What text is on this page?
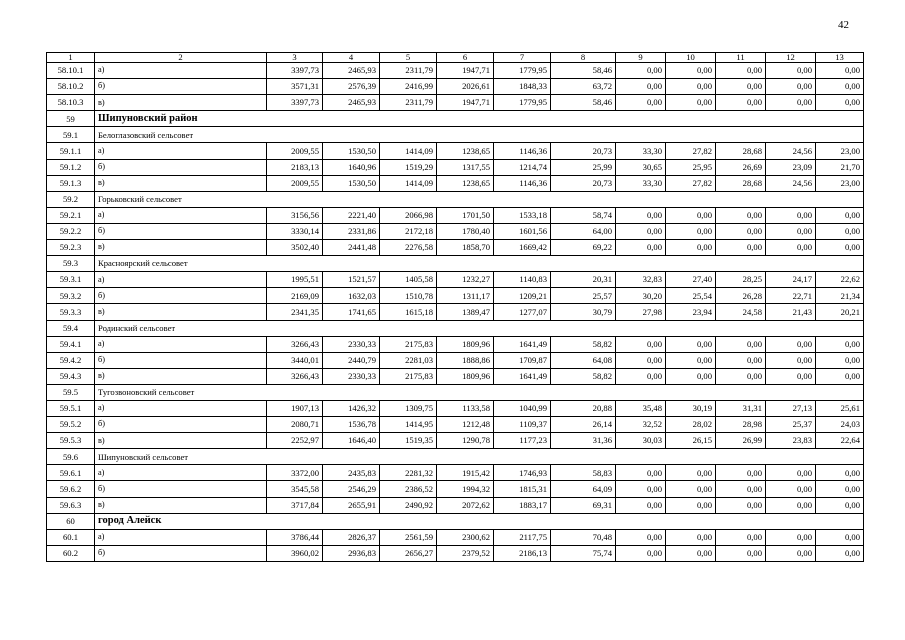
42
1	2	3	4	5	6	7	8	9	10	11	12	13
58.10.1	а)	3397,73	2465,93	2311,79	1947,71	1779,95	58,46	0,00	0,00	0,00	0,00	0,00
58.10.2	б)	3571,31	2576,39	2416,99	2026,61	1848,33	63,72	0,00	0,00	0,00	0,00	0,00
58.10.3	в)	3397,73	2465,93	2311,79	1947,71	1779,95	58,46	0,00	0,00	0,00	0,00	0,00
59	Шипуновский район											
59.1	Белоглазовский сельсовет											
59.1.1	а)	2009,55	1530,50	1414,09	1238,65	1146,36	20,73	33,30	27,82	28,68	24,56	23,00
59.1.2	б)	2183,13	1640,96	1519,29	1317,55	1214,74	25,99	30,65	25,95	26,69	23,09	21,70
59.1.3	в)	2009,55	1530,50	1414,09	1238,65	1146,36	20,73	33,30	27,82	28,68	24,56	23,00
59.2	Горьковский сельсовет											
59.2.1	а)	3156,56	2221,40	2066,98	1701,50	1533,18	58,74	0,00	0,00	0,00	0,00	0,00
59.2.2	б)	3330,14	2331,86	2172,18	1780,40	1601,56	64,00	0,00	0,00	0,00	0,00	0,00
59.2.3	в)	3502,40	2441,48	2276,58	1858,70	1669,42	69,22	0,00	0,00	0,00	0,00	0,00
59.3	Красноярский сельсовет											
59.3.1	а)	1995,51	1521,57	1405,58	1232,27	1140,83	20,31	32,83	27,40	28,25	24,17	22,62
59.3.2	б)	2169,09	1632,03	1510,78	1311,17	1209,21	25,57	30,20	25,54	26,28	22,71	21,34
59.3.3	в)	2341,35	1741,65	1615,18	1389,47	1277,07	30,79	27,98	23,94	24,58	21,43	20,21
59.4	Родинский сельсовет											
59.4.1	а)	3266,43	2330,33	2175,83	1809,96	1641,49	58,82	0,00	0,00	0,00	0,00	0,00
59.4.2	б)	3440,01	2440,79	2281,03	1888,86	1709,87	64,08	0,00	0,00	0,00	0,00	0,00
59.4.3	в)	3266,43	2330,33	2175,83	1809,96	1641,49	58,82	0,00	0,00	0,00	0,00	0,00
59.5	Тугозвоновский сельсовет											
59.5.1	а)	1907,13	1426,32	1309,75	1133,58	1040,99	20,88	35,48	30,19	31,31	27,13	25,61
59.5.2	б)	2080,71	1536,78	1414,95	1212,48	1109,37	26,14	32,52	28,02	28,98	25,37	24,03
59.5.3	в)	2252,97	1646,40	1519,35	1290,78	1177,23	31,36	30,03	26,15	26,99	23,83	22,64
59.6	Шипуновский сельсовет											
59.6.1	а)	3372,00	2435,83	2281,32	1915,42	1746,93	58,83	0,00	0,00	0,00	0,00	0,00
59.6.2	б)	3545,58	2546,29	2386,52	1994,32	1815,31	64,09	0,00	0,00	0,00	0,00	0,00
59.6.3	в)	3717,84	2655,91	2490,92	2072,62	1883,17	69,31	0,00	0,00	0,00	0,00	0,00
60	город Алейск											
60.1	а)	3786,44	2826,37	2561,59	2300,62	2117,75	70,48	0,00	0,00	0,00	0,00	0,00
60.2	б)	3960,02	2936,83	2656,27	2379,52	2186,13	75,74	0,00	0,00	0,00	0,00	0,00
